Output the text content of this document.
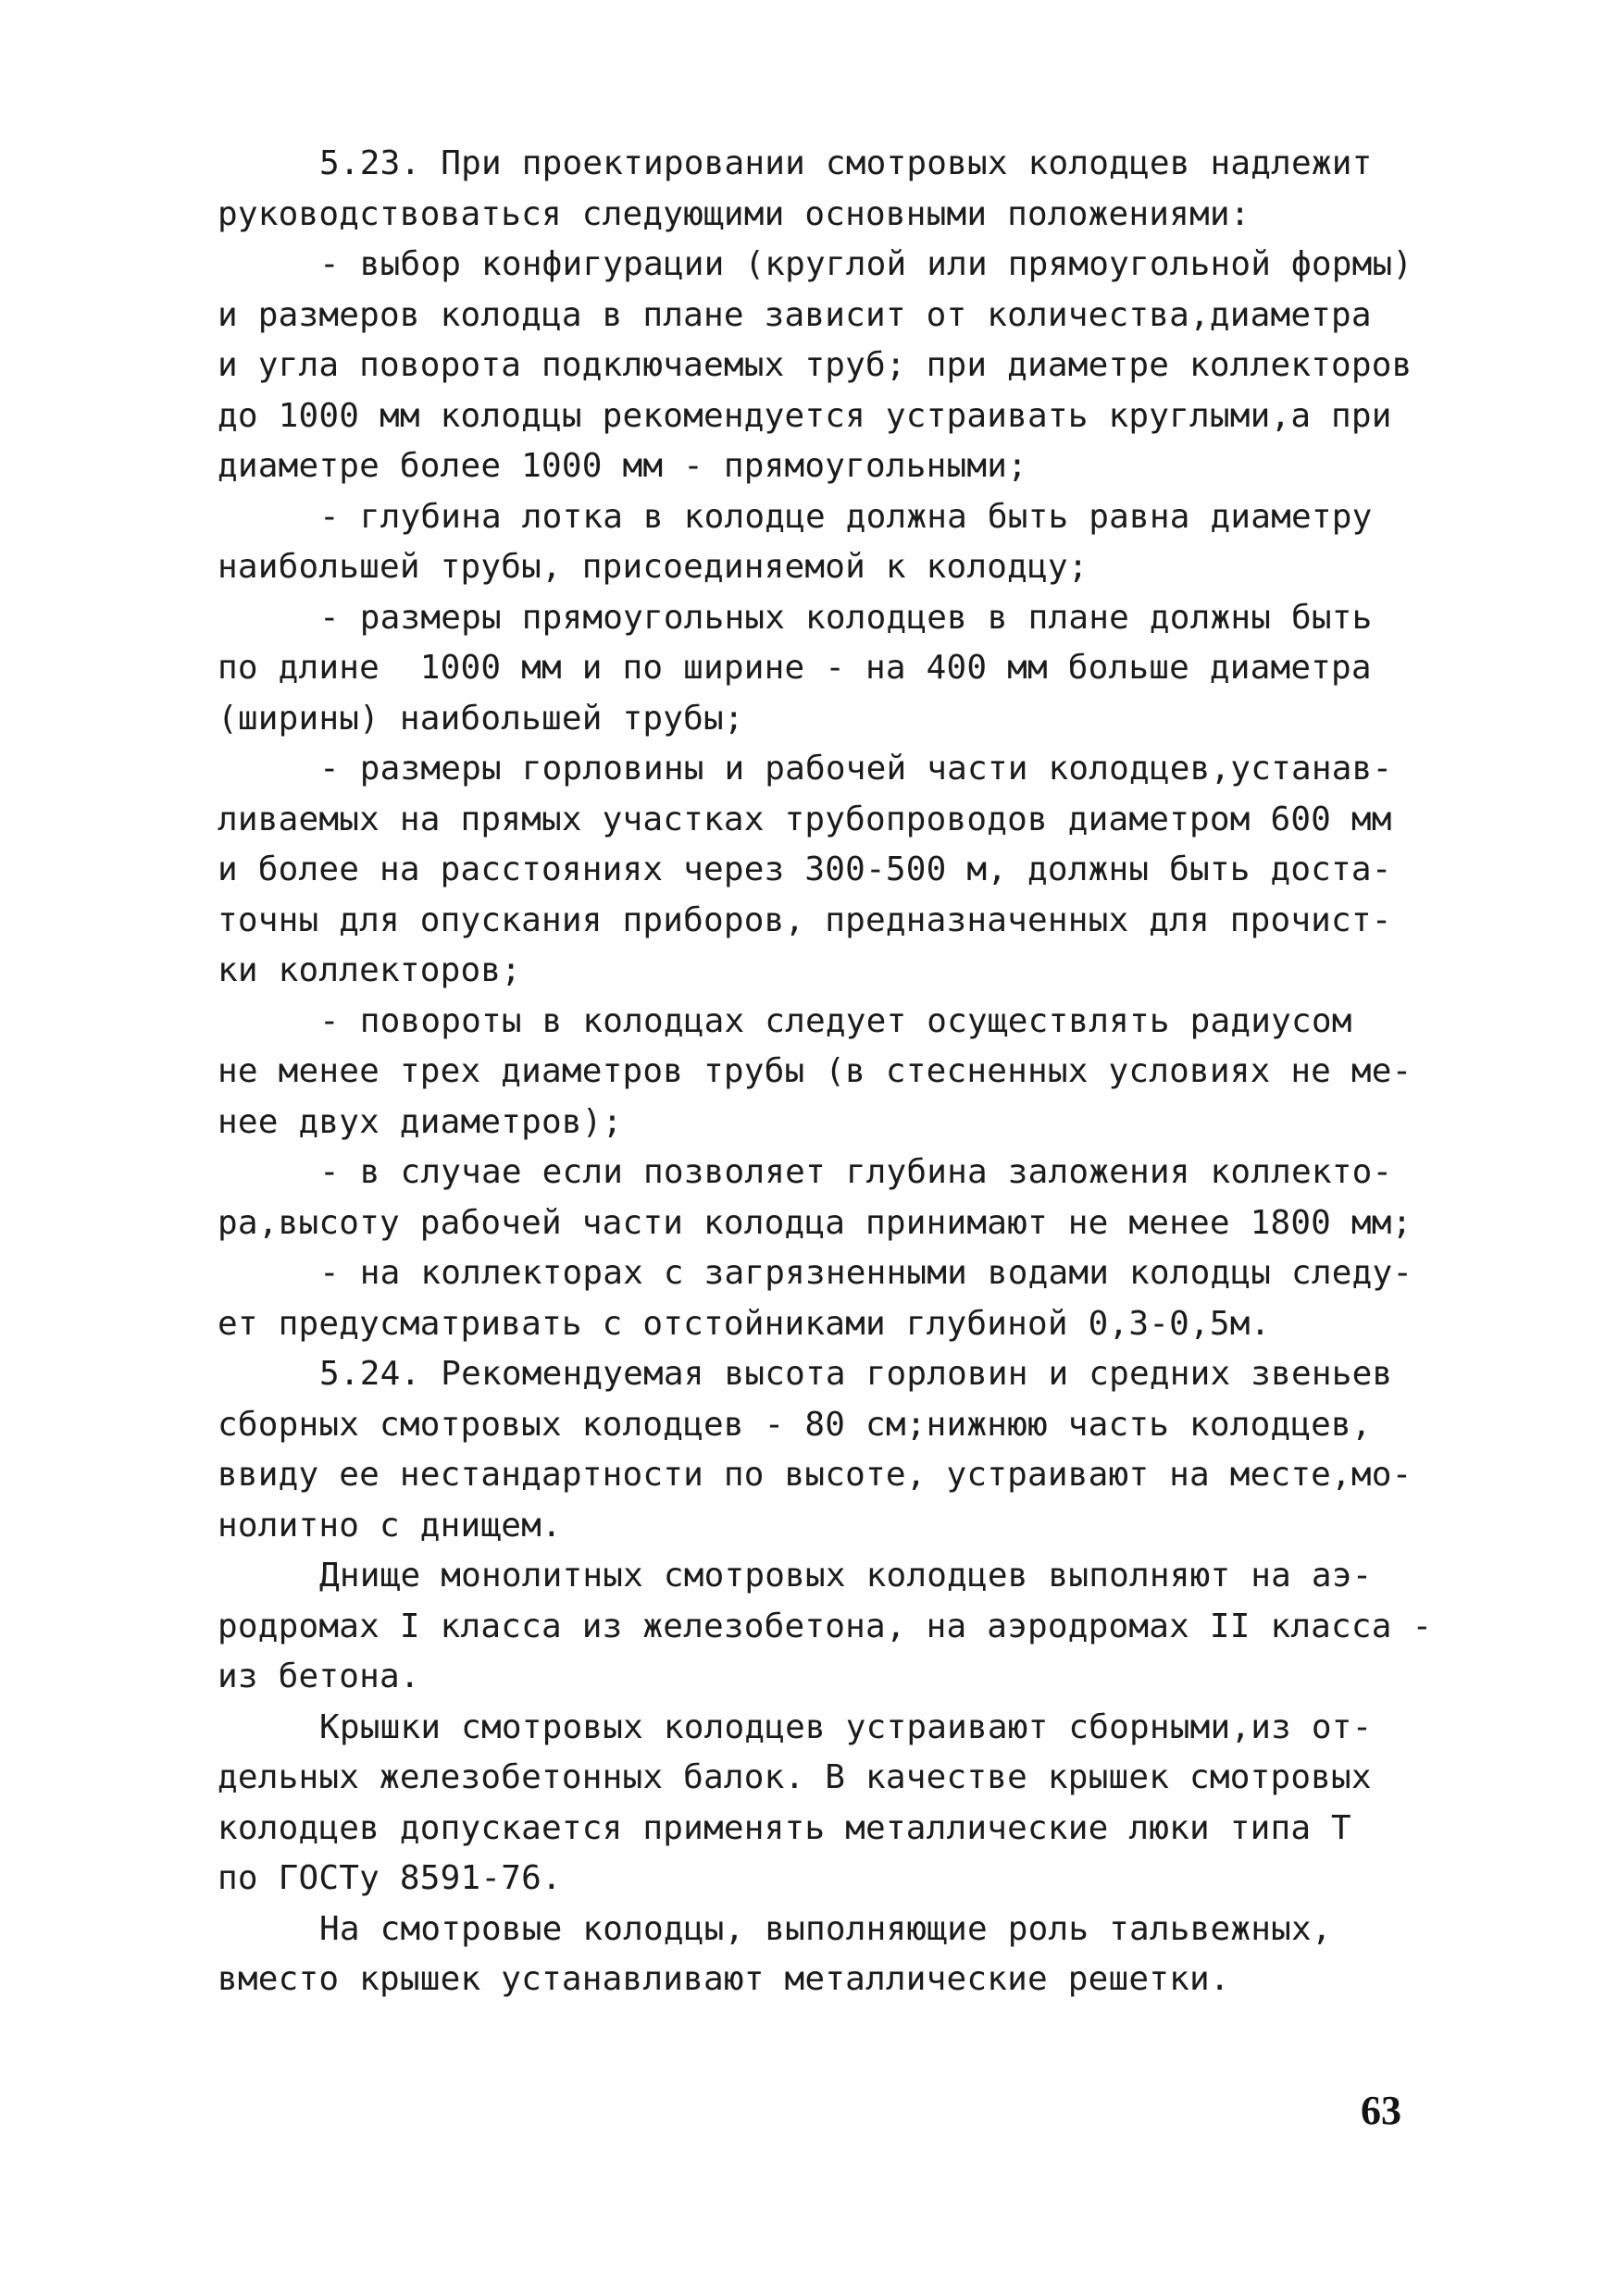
5.23. При проектировании смотровых колодцев надлежит
руководствоваться следующими основными положениями:
- выбор конфигурации (круглой или прямоугольной формы)
и размеров колодца в плане зависит от количества,диаметра
и угла поворота подключаемых труб; при диаметре коллекторов
до 1000 мм колодцы рекомендуется устраивать круглыми,а при
диаметре более 1000 мм - прямоугольными;
- глубина лотка в колодце должна быть равна диаметру
наибольшей трубы, присоединяемой к колодцу;
- размеры прямоугольных колодцев в плане должны быть
по длине  1000 мм и по ширине - на 400 мм больше диаметра
(ширины) наибольшей трубы;
- размеры горловины и рабочей части колодцев,устанав-
ливаемых на прямых участках трубопроводов диаметром 600 мм
и более на расстояниях через 300-500 м, должны быть доста-
точны для опускания приборов, предназначенных для прочист-
ки коллекторов;
- повороты в колодцах следует осуществлять радиусом
не менее трех диаметров трубы (в стесненных условиях не ме-
нее двух диаметров);
- в случае если позволяет глубина заложения коллекто-
ра,высоту рабочей части колодца принимают не менее 1800 мм;
- на коллекторах с загрязненными водами колодцы следу-
ет предусматривать с отстойниками глубиной 0,3-0,5м.
5.24. Рекомендуемая высота горловин и средних звеньев
сборных смотровых колодцев - 80 см;нижнюю часть колодцев,
ввиду ее нестандартности по высоте, устраивают на месте,мо-
нолитно с днищем.
Днище монолитных смотровых колодцев выполняют на аэ-
родромах I класса из железобетона, на аэродромах II класса -
из бетона.
Крышки смотровых колодцев устраивают сборными,из от-
дельных железобетонных балок. В качестве крышек смотровых
колодцев допускается применять металлические люки типа Т
по ГОСТу 8591-76.
На смотровые колодцы, выполняющие роль тальвежных,
вместо крышек устанавливают металлические решетки.
63
